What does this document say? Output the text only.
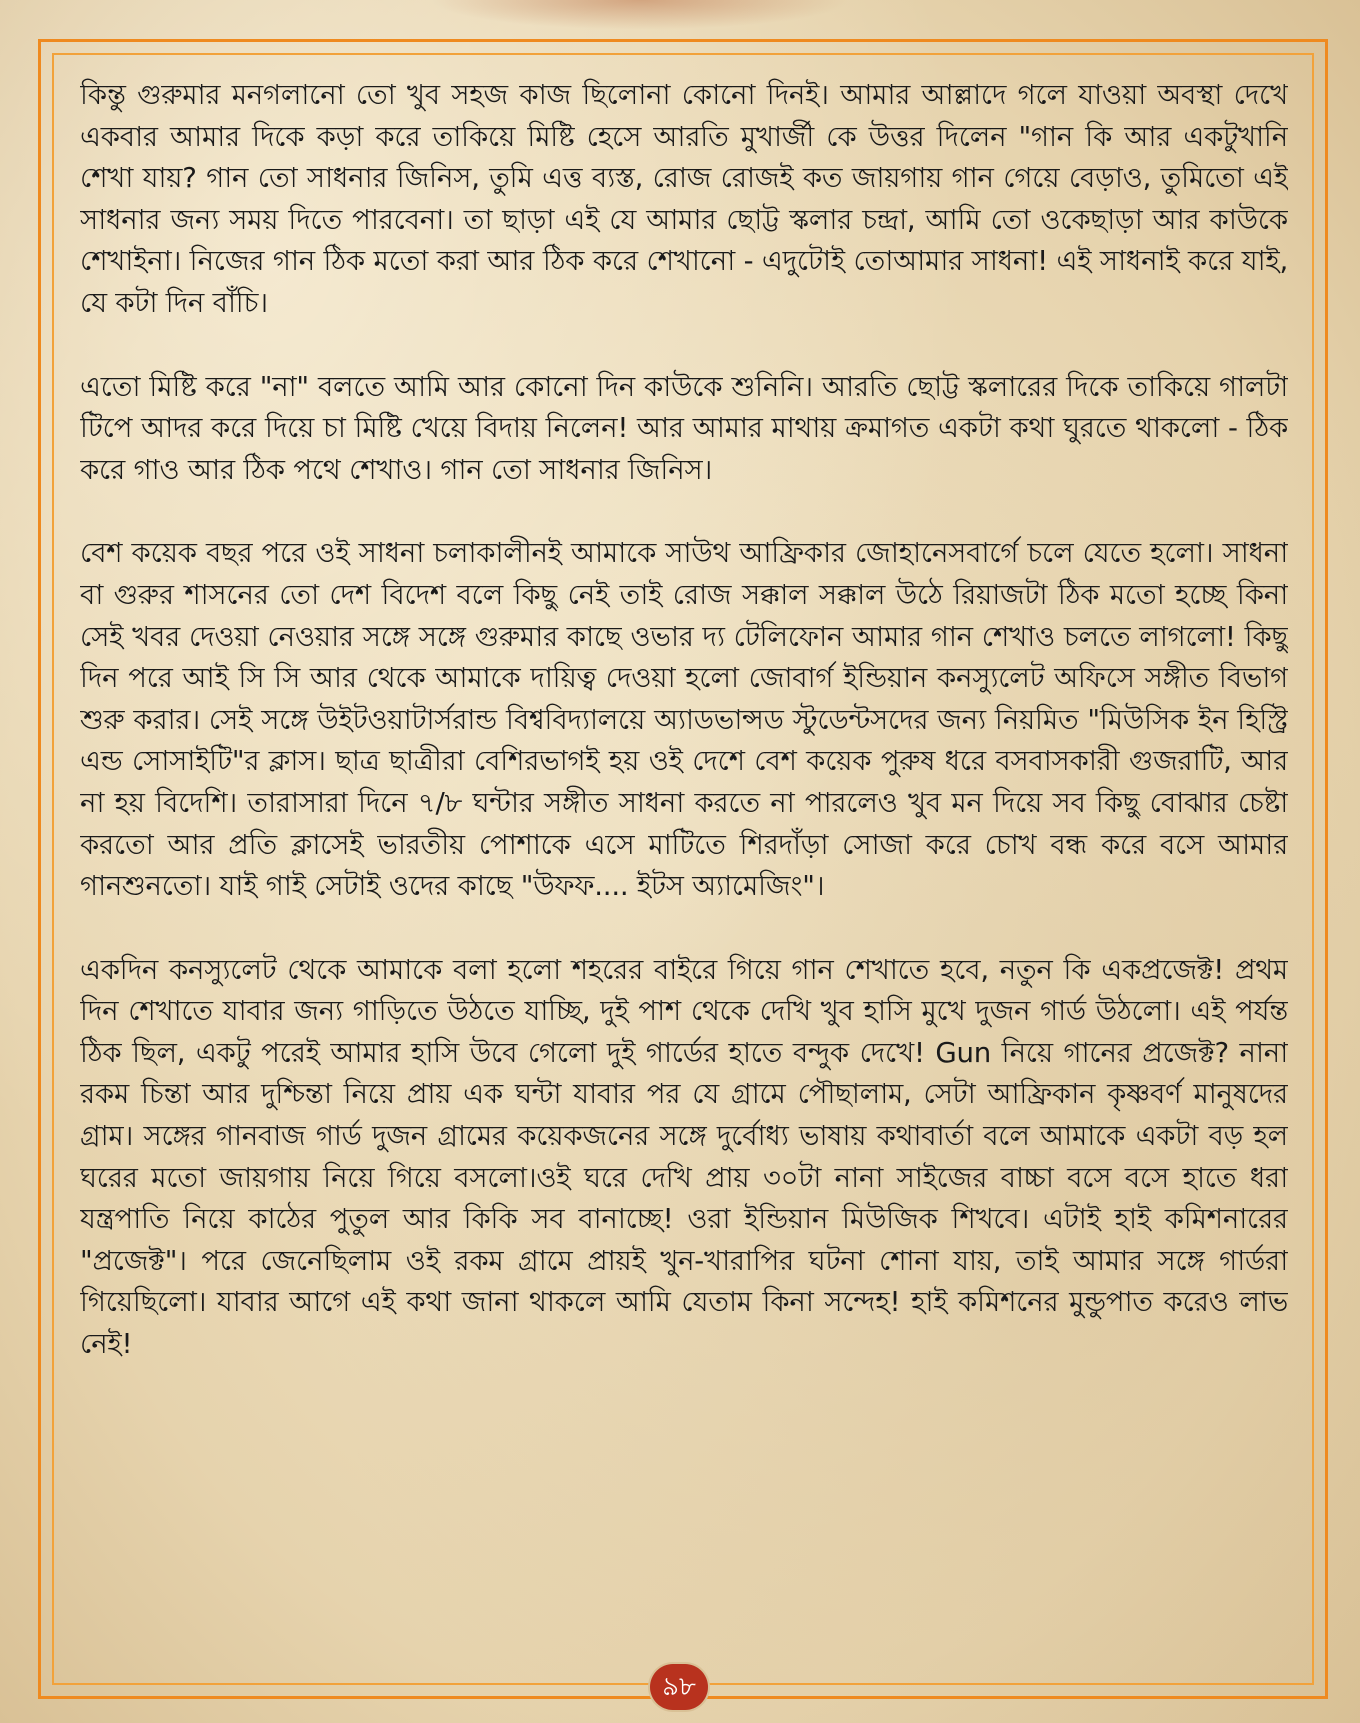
কিন্তু গুরুমার মনগলানো তো খুব সহজ কাজ ছিলোনা কোনো দিনই। আমার আল্লাদে গলে যাওয়া অবস্থা দেখে একবার আমার দিকে কড়া করে তাকিয়ে মিষ্টি হেসে আরতি মুখার্জী কে উত্তর দিলেন "গান কি আর একটুখানি শেখা যায়? গান তো সাধনার জিনিস, তুমি এত্ত ব্যস্ত, রোজ রোজই কত জায়গায় গান গেয়ে বেড়াও, তুমিতো এই সাধনার জন্য সময় দিতে পারবেনা। তা ছাড়া এই যে আমার ছোট্ট স্কলার চন্দ্রা, আমি তো ওকেছাড়া আর কাউকে শেখাইনা। নিজের গান ঠিক মতো করা আর ঠিক করে শেখানো - এদুটোই তোআমার সাধনা! এই সাধনাই করে যাই, যে কটা দিন বাঁচি।

এতো মিষ্টি করে "না" বলতে আমি আর কোনো দিন কাউকে শুনিনি। আরতি ছোট্ট স্কলারের দিকে তাকিয়ে গালটা টিপে আদর করে দিয়ে চা মিষ্টি খেয়ে বিদায় নিলেন! আর আমার মাথায় ক্রমাগত একটা কথা ঘুরতে থাকলো - ঠিক করে গাও আর ঠিক পথে শেখাও। গান তো সাধনার জিনিস।

বেশ কয়েক বছর পরে ওই সাধনা চলাকালীনই আমাকে সাউথ আফ্রিকার জোহানেসবার্গে চলে যেতে হলো। সাধনা বা গুরুর শাসনের তো দেশ বিদেশ বলে কিছু নেই তাই রোজ সক্কাল সক্কাল উঠে রিয়াজটা ঠিক মতো হচ্ছে কিনা সেই খবর দেওয়া নেওয়ার সঙ্গে সঙ্গে গুরুমার কাছে ওভার দ্য টেলিফোন আমার গান শেখাও চলতে লাগলো! কিছু দিন পরে আই সি সি আর থেকে আমাকে দায়িত্ব দেওয়া হলো জোবার্গ ইন্ডিয়ান কনস্যুলেট অফিসে সঙ্গীত বিভাগ শুরু করার। সেই সঙ্গে উইটওয়াটার্সরান্ড বিশ্ববিদ্যালয়ে অ্যাডভান্সড স্টুডেন্টসদের জন্য নিয়মিত "মিউসিক ইন হিস্ট্রি এন্ড সোসাইটি"র ক্লাস। ছাত্র ছাত্রীরা বেশিরভাগই হয় ওই দেশে বেশ কয়েক পুরুষ ধরে বসবাসকারী গুজরাটি, আর না হয় বিদেশি। তারাসারা দিনে ৭/৮ ঘন্টার সঙ্গীত সাধনা করতে না পারলেও খুব মন দিয়ে সব কিছু বোঝার চেষ্টা করতো আর প্রতি ক্লাসেই ভারতীয় পোশাকে এসে মাটিতে শিরদাঁড়া সোজা করে চোখ বন্ধ করে বসে আমার গানশুনতো। যাই গাই সেটাই ওদের কাছে "উফফ.... ইটস অ্যামেজিং"।

একদিন কনস্যুলেট থেকে আমাকে বলা হলো শহরের বাইরে গিয়ে গান শেখাতে হবে, নতুন কি একপ্রজেক্ট! প্রথম দিন শেখাতে যাবার জন্য গাড়িতে উঠতে যাচ্ছি, দুই পাশ থেকে দেখি খুব হাসি মুখে দুজন গার্ড উঠলো। এই পর্যন্ত ঠিক ছিল, একটু পরেই আমার হাসি উবে গেলো দুই গার্ডের হাতে বন্দুক দেখে! Gun নিয়ে গানের প্রজেক্ট? নানা রকম চিন্তা আর দুশ্চিন্তা নিয়ে প্রায় এক ঘন্টা যাবার পর যে গ্রামে পৌছালাম, সেটা আফ্রিকান কৃষ্ণবর্ণ মানুষদের গ্রাম। সঙ্গের গানবাজ গার্ড দুজন গ্রামের কয়েকজনের সঙ্গে দুর্বোধ্য ভাষায় কথাবার্তা বলে আমাকে একটা বড় হল ঘরের মতো জায়গায় নিয়ে গিয়ে বসলো।ওই ঘরে দেখি প্রায় ৩০টা নানা সাইজের বাচ্চা বসে বসে হাতে ধরা যন্ত্রপাতি নিয়ে কাঠের পুতুল আর কিকি সব বানাচ্ছে! ওরা ইন্ডিয়ান মিউজিক শিখবে। এটাই হাই কমিশনারের "প্রজেক্ট"। পরে জেনেছিলাম ওই রকম গ্রামে প্রায়ই খুন-খারাপির ঘটনা শোনা যায়, তাই আমার সঙ্গে গার্ডরা গিয়েছিলো। যাবার আগে এই কথা জানা থাকলে আমি যেতাম কিনা সন্দেহ! হাই কমিশনের মুন্ডুপাত করেও লাভ নেই!

৯৮
